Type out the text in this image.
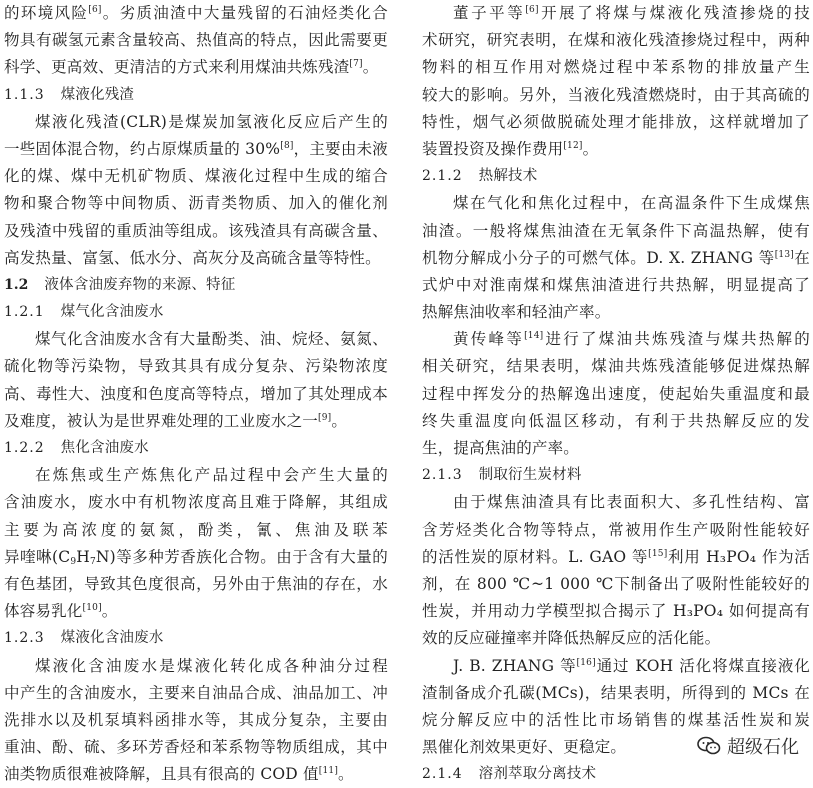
的环境风险[6]。劣质油渣中大量残留的石油烃类化合
物具有碳氢元素含量较高、热值高的特点，因此需要更
科学、更高效、更清洁的方式来利用煤油共炼残渣[7]。
1.1.3 煤液化残渣
煤液化残渣(CLR)是煤炭加氢液化反应后产生的
一些固体混合物，约占原煤质量的 30%[8]，主要由未液
化的煤、煤中无机矿物质、煤液化过程中生成的缩合
物和聚合物等中间物质、沥青类物质、加入的催化剂
及残渣中残留的重质油等组成。该残渣具有高碳含量、
高发热量、富氢、低水分、高灰分及高硫含量等特性。
1.2 液体含油废弃物的来源、特征
1.2.1 煤气化含油废水
煤气化含油废水含有大量酚类、油、烷烃、氨氮、
硫化物等污染物，导致其具有成分复杂、污染物浓度
高、毒性大、浊度和色度高等特点，增加了其处理成本
及难度，被认为是世界难处理的工业废水之一[9]。
1.2.2 焦化含油废水
在炼焦或生产炼焦化产品过程中会产生大量的
含油废水，废水中有机物浓度高且难于降解，其组成
主要为高浓度的氨氮，酚类，氰、焦油及联苯
异喹啉$(C_9H_7N)$等多种芳香族化合物。由于含有大量的
有色基团，导致其色度很高，另外由于焦油的存在，水
体容易乳化[10]。
1.2.3 煤液化含油废水
煤液化含油废水是煤液化转化成各种油分过程
中产生的含油废水，主要来自油品合成、油品加工、冲
洗排水以及机泵填料函排水等，其成分复杂，主要由
重油、酚、硫、多环芳香烃和苯系物等物质组成，其中
油类物质很难被降解，且具有很高的 COD 值[11]。
董子平等[6]开展了将煤与煤液化残渣掺烧的技
术研究，研究表明，在煤和液化残渣掺烧过程中，两种
物料的相互作用对燃烧过程中苯系物的排放量产生
较大的影响。另外，当液化残渣燃烧时，由于其高硫的
特性，烟气必须做脱硫处理才能排放，这样就增加了
装置投资及操作费用[12]。
2.1.2 热解技术
煤在气化和焦化过程中，在高温条件下生成煤焦
油渣。一般将煤焦油渣在无氧条件下高温热解，使有
机物分解成小分子的可燃气体。D. X. ZHANG 等[13]在
式炉中对淮南煤和煤焦油渣进行共热解，明显提高了
热解焦油收率和轻油产率。
黄传峰等[14]进行了煤油共炼残渣与煤共热解的
相关研究，结果表明，煤油共炼残渣能够促进煤热解
过程中挥发分的热解逸出速度，使起始失重温度和最
终失重温度向低温区移动，有利于共热解反应的发
生，提高焦油的产率。
2.1.3 制取衍生炭材料
由于煤焦油渣具有比表面积大、多孔性结构、富
含芳烃类化合物等特点，常被用作生产吸附性能较好
的活性炭的原材料。L. GAO 等[15]利用 H₃PO₄ 作为活
剂，在 800 ℃~1 000 ℃下制备出了吸附性能较好的
性炭，并用动力学模型拟合揭示了 H₃PO₄ 如何提高有
效的反应碰撞率并降低热解反应的活化能。
J. B. ZHANG 等[16]通过 KOH 活化将煤直接液化
渣制备成介孔碳(MCs)，结果表明，所得到的 MCs 在
烷分解反应中的活性比市场销售的煤基活性炭和炭
黑催化剂效果更好、更稳定。
2.1.4 溶剂萃取分离技术
超级石化
